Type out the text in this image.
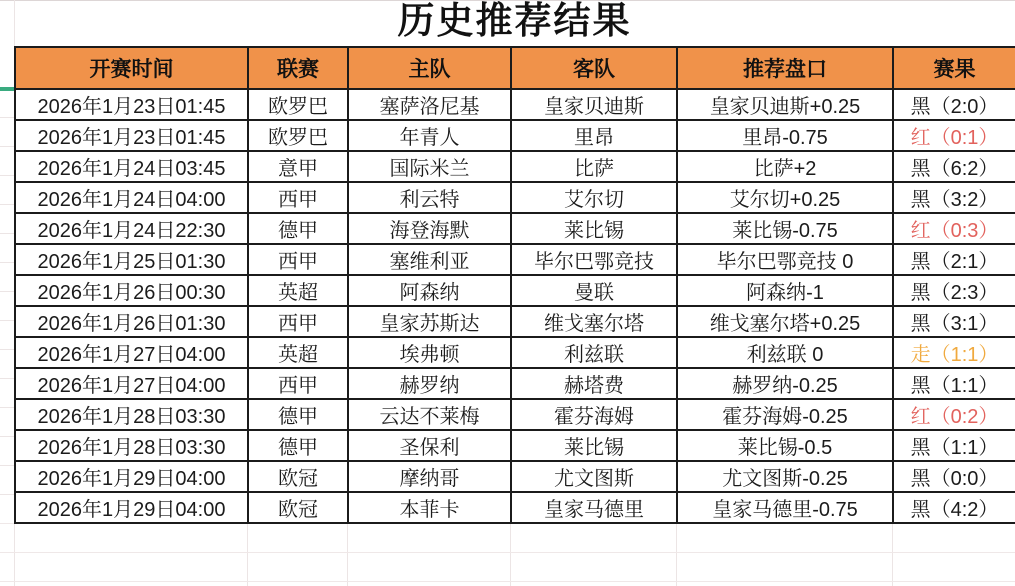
历史推荐结果
开赛时间	联赛	主队	客队	推荐盘口	赛果
2026年1月23日01:45	欧罗巴	塞萨洛尼基	皇家贝迪斯	皇家贝迪斯+0.25	黑（2:0）
2026年1月23日01:45	欧罗巴	年青人	里昂	里昂-0.75	红（0:1）
2026年1月24日03:45	意甲	国际米兰	比萨	比萨+2	黑（6:2）
2026年1月24日04:00	西甲	利云特	艾尔切	艾尔切+0.25	黑（3:2）
2026年1月24日22:30	德甲	海登海默	莱比锡	莱比锡-0.75	红（0:3）
2026年1月25日01:30	西甲	塞维利亚	毕尔巴鄂竞技	毕尔巴鄂竞技 0	黑（2:1）
2026年1月26日00:30	英超	阿森纳	曼联	阿森纳-1	黑（2:3）
2026年1月26日01:30	西甲	皇家苏斯达	维戈塞尔塔	维戈塞尔塔+0.25	黑（3:1）
2026年1月27日04:00	英超	埃弗顿	利兹联	利兹联 0	走（1:1）
2026年1月27日04:00	西甲	赫罗纳	赫塔费	赫罗纳-0.25	黑（1:1）
2026年1月28日03:30	德甲	云达不莱梅	霍芬海姆	霍芬海姆-0.25	红（0:2）
2026年1月28日03:30	德甲	圣保利	莱比锡	莱比锡-0.5	黑（1:1）
2026年1月29日04:00	欧冠	摩纳哥	尤文图斯	尤文图斯-0.25	黑（0:0）
2026年1月29日04:00	欧冠	本菲卡	皇家马德里	皇家马德里-0.75	黑（4:2）
